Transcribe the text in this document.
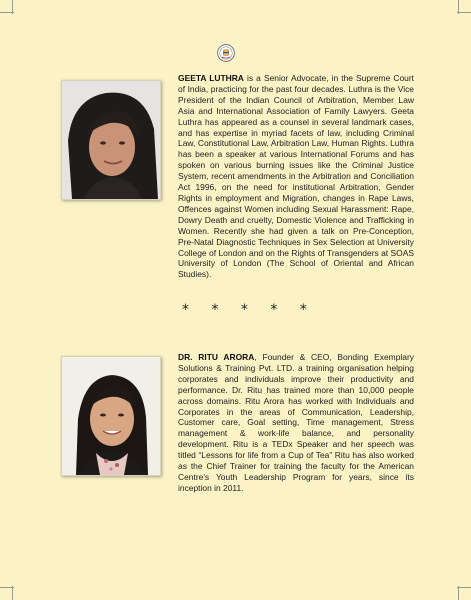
GEETA LUTHRA is a Senior Advocate, in the Supreme Court of India, practicing for the past four decades. Luthra is the Vice President of the Indian Council of Arbitration, Member Law Asia and International Association of Family Lawyers. Geeta Luthra has appeared as a counsel in several landmark cases, and has expertise in myriad facets of law, including Criminal Law, Constitutional Law, Arbitration Law, Human Rights. Luthra has been a speaker at various International Forums and has spoken on various burning issues like the Criminal Justice System, recent amendments in the Arbitration and Conciliation Act 1996, on the need for institutional Arbitration, Gender Rights in employment and Migration, changes in Rape Laws, Offences against Women including Sexual Harassment: Rape, Dowry Death and cruelty, Domestic Violence and Trafficking in Women. Recently she had given a talk on Pre-Conception, Pre-Natal Diagnostic Techniques in Sex Selection at University College of London and on the Rights of Transgenders at SOAS University of London (The School of Oriental and African Studies).

* * * * *

DR. RITU ARORA, Founder & CEO, Bonding Exemplary Solutions & Training Pvt. LTD. a training organisation helping corporates and individuals improve their productivity and performance. Dr. Ritu has trained more than 10,000 people across domains. Ritu Arora has worked with Individuals and Corporates in the areas of Communication, Leadership, Customer care, Goal setting, Time management, Stress management & work-life balance, and personality development. Ritu is a TEDx Speaker and her speech was titled “Lessons for life from a Cup of Tea” Ritu has also worked as the Chief Trainer for training the faculty for the American Centre's Youth Leadership Program for years, since its inception in 2011.
